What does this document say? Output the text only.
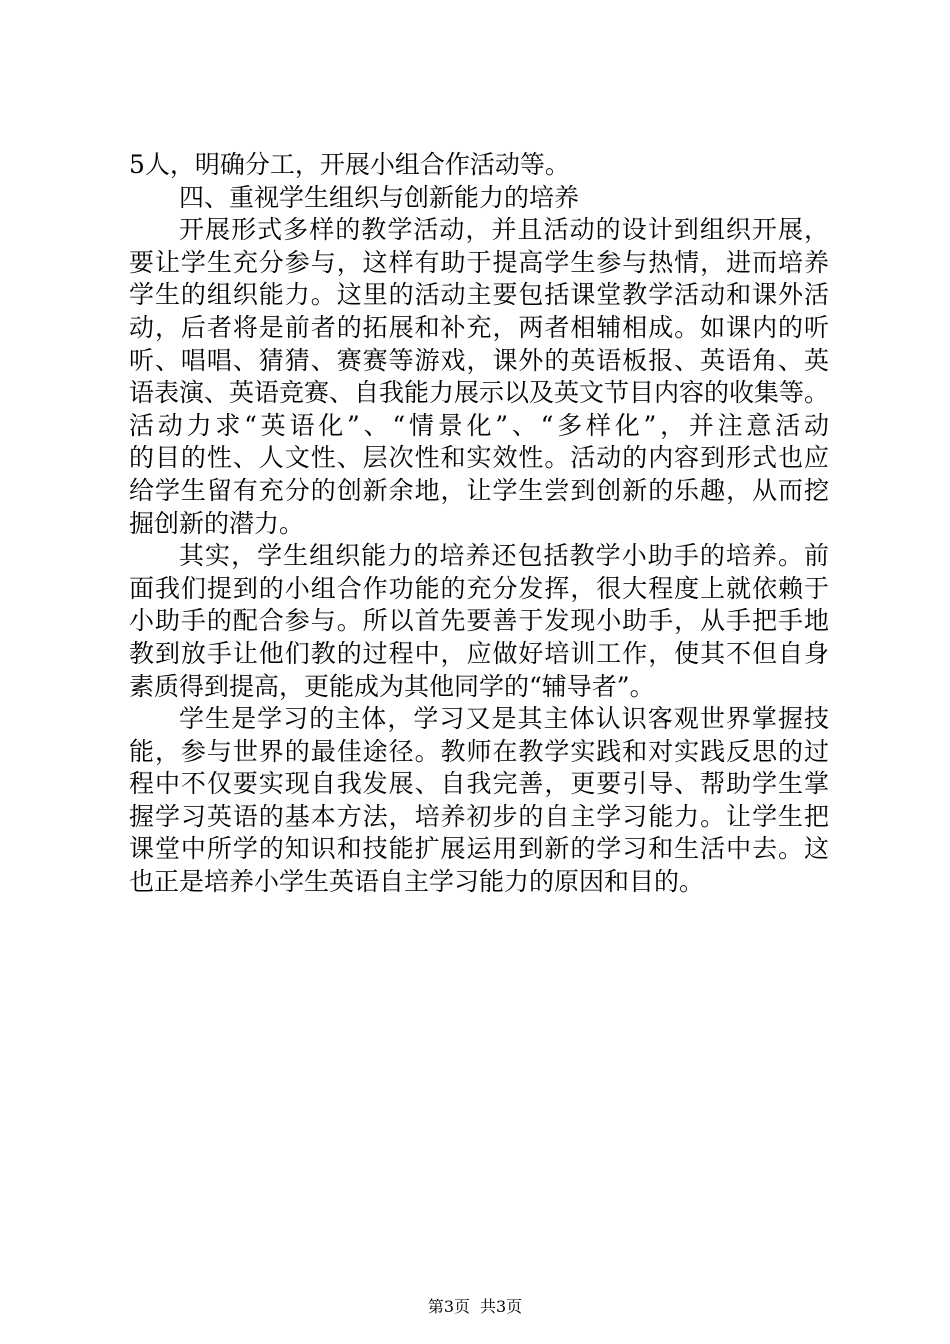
5人，明确分工，开展小组合作活动等。
四、重视学生组织与创新能力的培养
开展形式多样的教学活动，并且活动的设计到组织开展，
要让学生充分参与，这样有助于提高学生参与热情，进而培养
学生的组织能力。这里的活动主要包括课堂教学活动和课外活
动，后者将是前者的拓展和补充，两者相辅相成。如课内的听
听、唱唱、猜猜、赛赛等游戏，课外的英语板报、英语角、英
语表演、英语竞赛、自我能力展示以及英文节目内容的收集等。
活动力求“英语化”、“情景化”、“多样化”，并注意活动
的目的性、人文性、层次性和实效性。活动的内容到形式也应
给学生留有充分的创新余地，让学生尝到创新的乐趣，从而挖
掘创新的潜力。
其实，学生组织能力的培养还包括教学小助手的培养。前
面我们提到的小组合作功能的充分发挥，很大程度上就依赖于
小助手的配合参与。所以首先要善于发现小助手，从手把手地
教到放手让他们教的过程中，应做好培训工作，使其不但自身
素质得到提高，更能成为其他同学的“辅导者”。
学生是学习的主体，学习又是其主体认识客观世界掌握技
能，参与世界的最佳途径。教师在教学实践和对实践反思的过
程中不仅要实现自我发展、自我完善，更要引导、帮助学生掌
握学习英语的基本方法，培养初步的自主学习能力。让学生把
课堂中所学的知识和技能扩展运用到新的学习和生活中去。这
也正是培养小学生英语自主学习能力的原因和目的。
第3页 共3页
